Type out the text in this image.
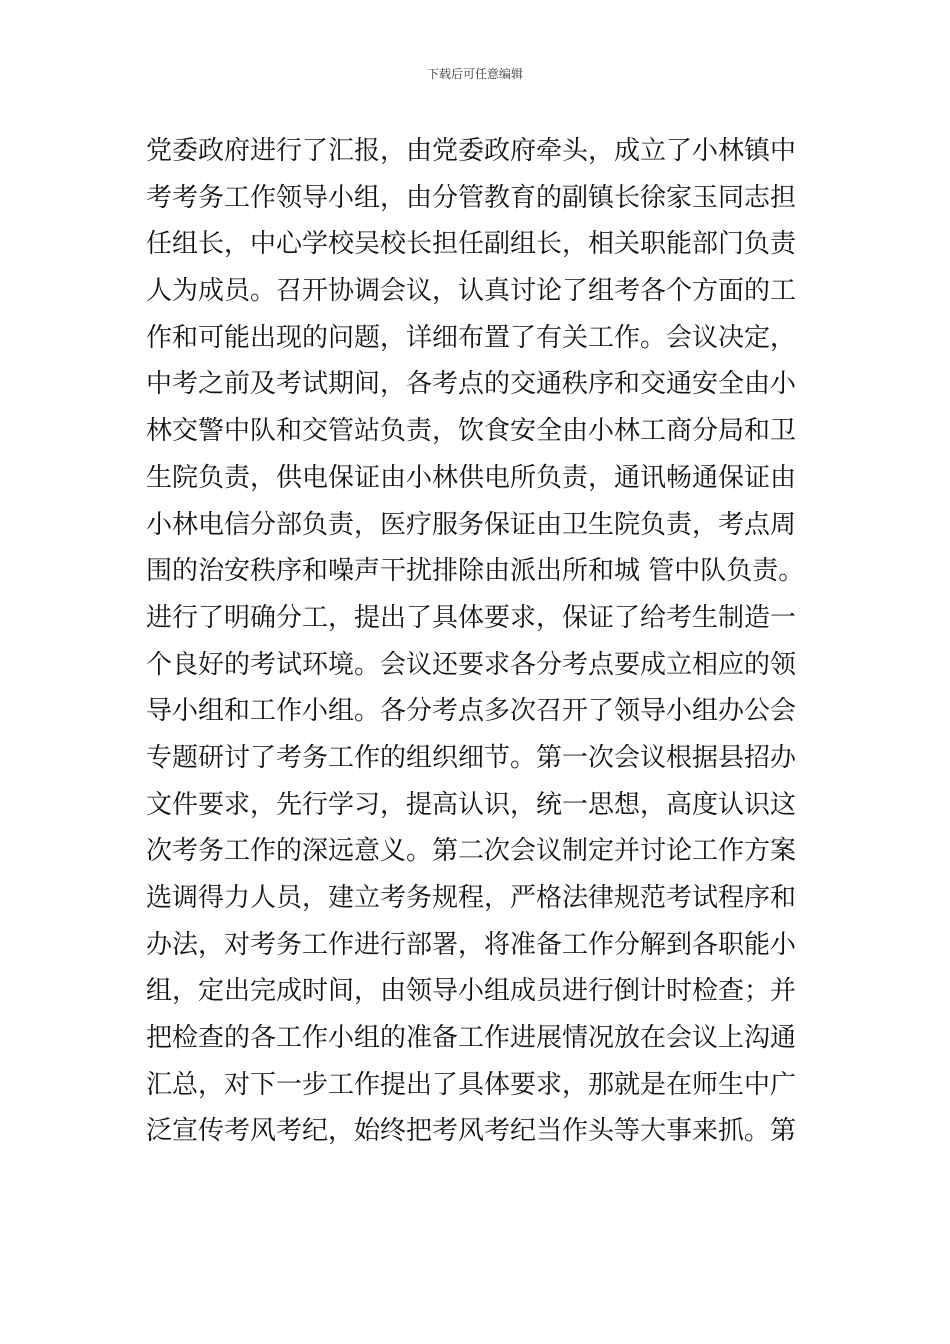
下载后可任意编辑
党委政府进行了汇报，由党委政府牵头，成立了小林镇中
考考务工作领导小组，由分管教育的副镇长徐家玉同志担
任组长，中心学校吴校长担任副组长，相关职能部门负责
人为成员。召开协调会议，认真讨论了组考各个方面的工
作和可能出现的问题，详细布置了有关工作。会议决定，
中考之前及考试期间，各考点的交通秩序和交通安全由小
林交警中队和交管站负责，饮食安全由小林工商分局和卫
生院负责，供电保证由小林供电所负责，通讯畅通保证由
小林电信分部负责，医疗服务保证由卫生院负责，考点周
围的治安秩序和噪声干扰排除由派出所和城 管中队负责。
进行了明确分工，提出了具体要求，保证了给考生制造一
个良好的考试环境。会议还要求各分考点要成立相应的领
导小组和工作小组。各分考点多次召开了领导小组办公会
专题研讨了考务工作的组织细节。第一次会议根据县招办
文件要求，先行学习，提高认识，统一思想，高度认识这
次考务工作的深远意义。第二次会议制定并讨论工作方案
选调得力人员，建立考务规程，严格法律规范考试程序和
办法，对考务工作进行部署，将准备工作分解到各职能小
组，定出完成时间，由领导小组成员进行倒计时检查；并
把检查的各工作小组的准备工作进展情况放在会议上沟通
汇总，对下一步工作提出了具体要求，那就是在师生中广
泛宣传考风考纪，始终把考风考纪当作头等大事来抓。第
